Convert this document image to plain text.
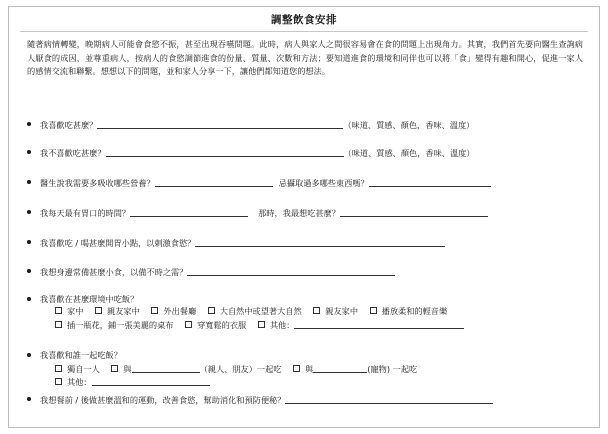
調整飲食安排
隨著病情轉變，晚期病人可能會食慾不振，甚至出現吞嚥問題。此時，病人與家人之間很容易會在食的問題上出現角力。其實，我們首先要向醫生查詢病人厭食的成因，並尊重病人，按病人的食慾調節進食的份量、質量、次數和方法；要知道進食的環境和同伴也可以將「食」變得有趣和開心，促進一家人的感情交流和聯繫。想想以下的問題，並和家人分享一下，讓他們都知道您的想法。
我喜歡吃甚麼？	（味道、質感、顏色，香味、溫度）
我不喜歡吃甚麼？	（味道、質感、顏色，香味、溫度）
醫生說我需要多吸收哪些營養？	忌攝取過多哪些東西嗎？
我每天最有胃口的時間？	那時，我最想吃甚麼？
我喜歡吃 / 喝甚麼開胃小點，以刺激食慾？
我想身邊常備甚麼小食，以備不時之需？
我喜歡在甚麼環境中吃飯？
家中	親友家中	外出餐廳	大自然中或望著大自然	親友家中	播放柔和的輕音樂
插一瓶花，鋪一張美麗的桌布	穿寬鬆的衣服	其他：
我喜歡和誰一起吃飯？
獨自一人	與	（親人、朋友）一起吃	與	(寵物) 一起吃
其他：
我想餐前 / 後做甚麼溫和的運動，改善食慾，幫助消化和預防便秘？
